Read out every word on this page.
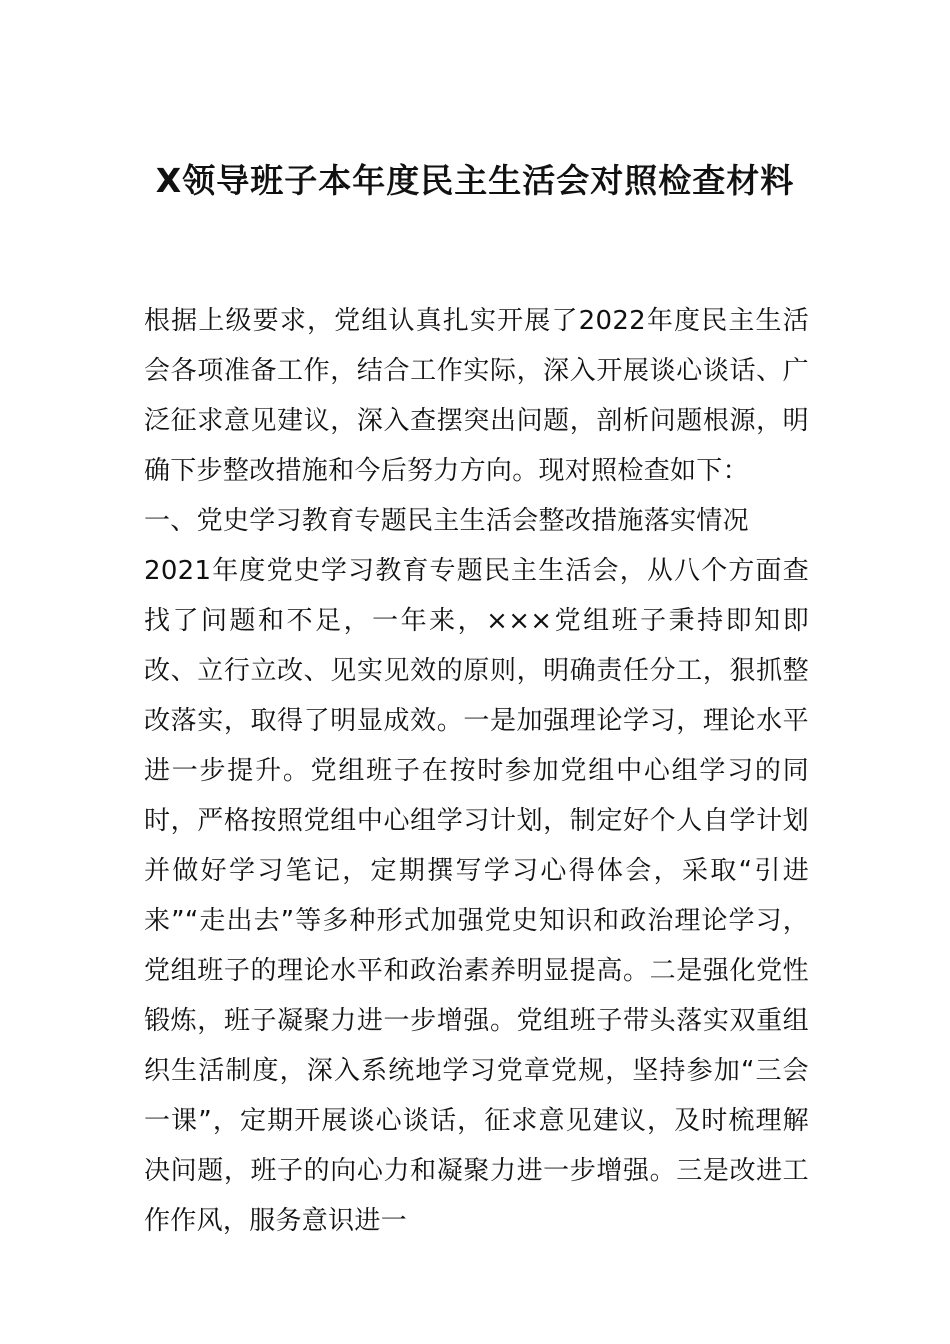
X领导班子本年度民主生活会对照检查材料

根据上级要求，党组认真扎实开展了2022年度民主生活会各项准备工作，结合工作实际，深入开展谈心谈话、广泛征求意见建议，深入查摆突出问题，剖析问题根源，明确下步整改措施和今后努力方向。现对照检查如下：

一、党史学习教育专题民主生活会整改措施落实情况

2021年度党史学习教育专题民主生活会，从八个方面查找了问题和不足，一年来，×××党组班子秉持即知即改、立行立改、见实见效的原则，明确责任分工，狠抓整改落实，取得了明显成效。一是加强理论学习，理论水平进一步提升。党组班子在按时参加党组中心组学习的同时，严格按照党组中心组学习计划，制定好个人自学计划并做好学习笔记，定期撰写学习心得体会，采取“引进来”“走出去”等多种形式加强党史知识和政治理论学习，党组班子的理论水平和政治素养明显提高。二是强化党性锻炼，班子凝聚力进一步增强。党组班子带头落实双重组织生活制度，深入系统地学习党章党规，坚持参加“三会一课”，定期开展谈心谈话，征求意见建议，及时梳理解决问题，班子的向心力和凝聚力进一步增强。三是改进工作作风，服务意识进一
